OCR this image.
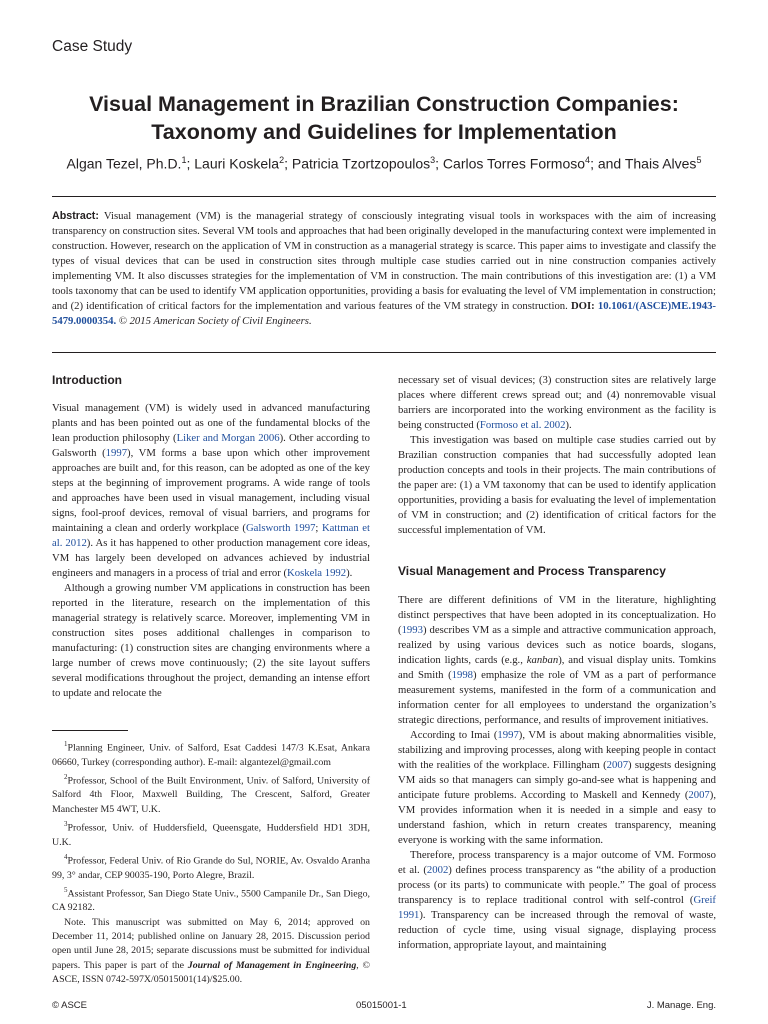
Case Study
Visual Management in Brazilian Construction Companies: Taxonomy and Guidelines for Implementation
Algan Tezel, Ph.D.$^1$; Lauri Koskela$^2$; Patricia Tzortzopoulos$^3$; Carlos Torres Formoso$^4$; and Thais Alves$^5$

Abstract: Visual management (VM) is the managerial strategy of consciously integrating visual tools in workspaces with the aim of increasing transparency on construction sites. Several VM tools and approaches that had been originally developed in the manufacturing context were implemented in construction. However, research on the application of VM in construction as a managerial strategy is scarce. This paper aims to investigate and classify the types of visual devices that can be used in construction sites through multiple case studies carried out in nine construction companies actively implementing VM. It also discusses strategies for the implementation of VM in construction. The main contributions of this investigation are: (1) a VM tools taxonomy that can be used to identify VM application opportunities, providing a basis for evaluating the level of VM implementation in construction; and (2) identification of critical factors for the implementation and various features of the VM strategy in construction. DOI: 10.1061/(ASCE)ME.1943-5479.0000354. © 2015 American Society of Civil Engineers.

Introduction

Visual management (VM) is widely used in advanced manufacturing plants and has been pointed out as one of the fundamental blocks of the lean production philosophy (Liker and Morgan 2006). Other according to Galsworth (1997), VM forms a base upon which other improvement approaches are built and, for this reason, can be adopted as one of the key steps at the beginning of improvement programs. A wide range of tools and approaches have been used in visual management, including visual signs, fool-proof devices, removal of visual barriers, and programs for maintaining a clean and orderly workplace (Galsworth 1997; Kattman et al. 2012). As it has happened to other production management core ideas, VM has largely been developed on advances achieved by industrial engineers and managers in a process of trial and error (Koskela 1992).

Although a growing number VM applications in construction has been reported in the literature, research on the implementation of this managerial strategy is relatively scarce. Moreover, implementing VM in construction sites poses additional challenges in comparison to manufacturing: (1) construction sites are changing environments where a large number of crews move continuously; (2) the site layout suffers several modifications throughout the project, demanding an intense effort to update and relocate the

$^1$Planning Engineer, Univ. of Salford, Esat Caddesi 147/3 K.Esat, Ankara 06660, Turkey (corresponding author). E-mail: algantezel@gmail.com

$^2$Professor, School of the Built Environment, Univ. of Salford, University of Salford 4th Floor, Maxwell Building, The Crescent, Salford, Greater Manchester M5 4WT, U.K.

$^3$Professor, Univ. of Huddersfield, Queensgate, Huddersfield HD1 3DH, U.K.

$^4$Professor, Federal Univ. of Rio Grande do Sul, NORIE, Av. Osvaldo Aranha 99, 3° andar, CEP 90035-190, Porto Alegre, Brazil.

$^5$Assistant Professor, San Diego State Univ., 5500 Campanile Dr., San Diego, CA 92182.

Note. This manuscript was submitted on May 6, 2014; approved on December 11, 2014; published online on January 28, 2015. Discussion period open until June 28, 2015; separate discussions must be submitted for individual papers. This paper is part of the Journal of Management in Engineering, © ASCE, ISSN 0742-597X/05015001(14)/$25.00.

necessary set of visual devices; (3) construction sites are relatively large places where different crews spread out; and (4) nonremovable visual barriers are incorporated into the working environment as the facility is being constructed (Formoso et al. 2002).

This investigation was based on multiple case studies carried out by Brazilian construction companies that had successfully adopted lean production concepts and tools in their projects. The main contributions of the paper are: (1) a VM taxonomy that can be used to identify application opportunities, providing a basis for evaluating the level of implementation of VM in construction; and (2) identification of critical factors for the successful implementation of VM.

Visual Management and Process Transparency

There are different definitions of VM in the literature, highlighting distinct perspectives that have been adopted in its conceptualization. Ho (1993) describes VM as a simple and attractive communication approach, realized by using various devices such as notice boards, slogans, indication lights, cards (e.g., kanban), and visual display units. Tomkins and Smith (1998) emphasize the role of VM as a part of performance measurement systems, manifested in the form of a communication and information center for all employees to understand the organization’s strategic directions, performance, and results of improvement initiatives.

According to Imai (1997), VM is about making abnormalities visible, stabilizing and improving processes, along with keeping people in contact with the realities of the workplace. Fillingham (2007) suggests designing VM aids so that managers can simply go-and-see what is happening and anticipate future problems. According to Maskell and Kennedy (2007), VM provides information when it is needed in a simple and easy to understand fashion, which in return creates transparency, meaning everyone is working with the same information.

Therefore, process transparency is a major outcome of VM. Formoso et al. (2002) defines process transparency as “the ability of a production process (or its parts) to communicate with people.” The goal of process transparency is to replace traditional control with self-control (Greif 1991). Transparency can be increased through the removal of waste, reduction of cycle time, using visual signage, displaying process information, appropriate layout, and maintaining

© ASCE	05015001-1	J. Manage. Eng.
